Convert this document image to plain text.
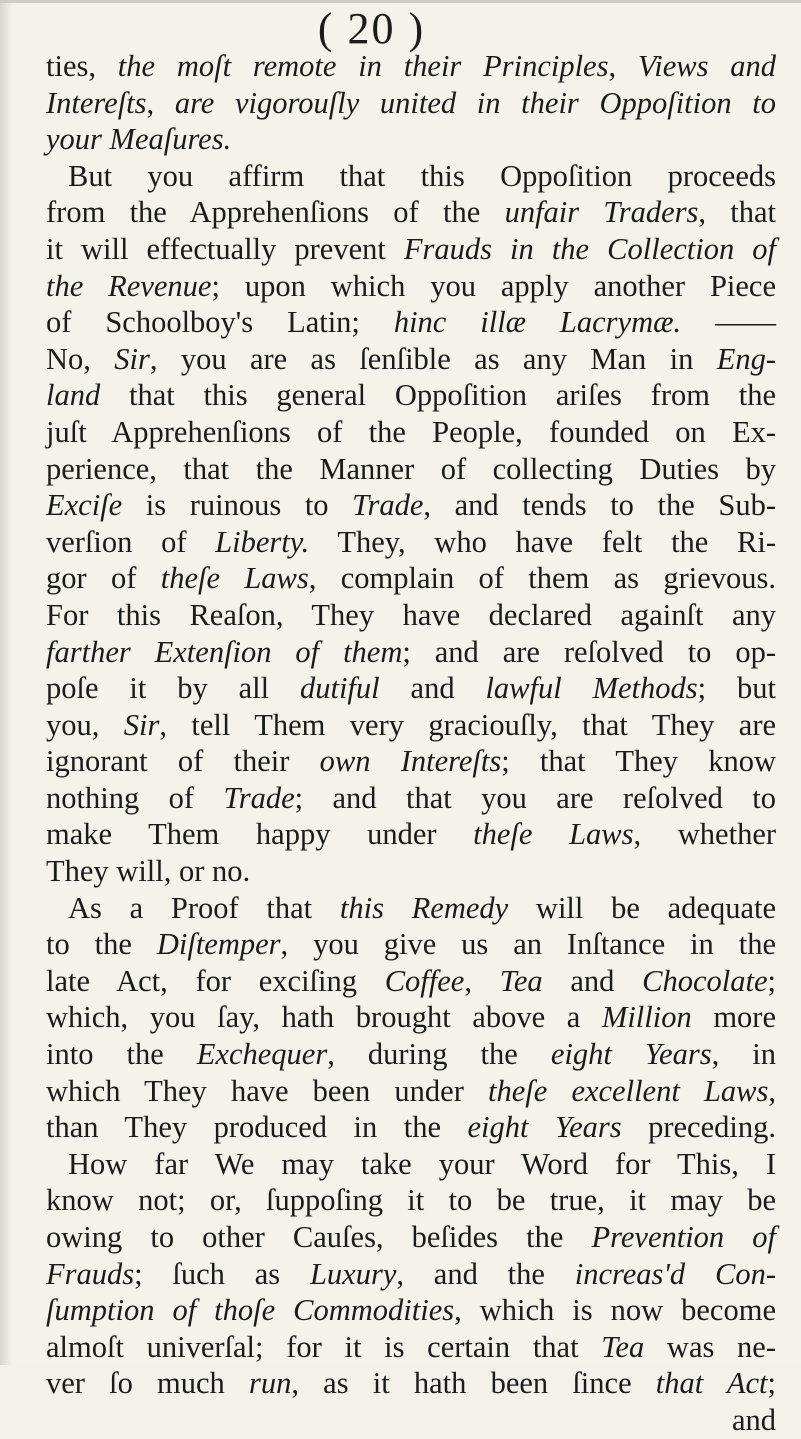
( 20 )
ties, the moſt remote in their Principles, Views and
Intereſts, are vigorouſly united in their Oppoſition to
your Meaſures.
But you affirm that this Oppoſition proceeds
from the Apprehenſions of the unfair Traders, that
it will effectually prevent Frauds in the Collection of
the Revenue; upon which you apply another Piece
of Schoolboy's Latin; hinc illæ Lacrymæ. ——
No, Sir, you are as ſenſible as any Man in Eng-
land that this general Oppoſition ariſes from the
juſt Apprehenſions of the People, founded on Ex-
perience, that the Manner of collecting Duties by
Exciſe is ruinous to Trade, and tends to the Sub-
verſion of Liberty. They, who have felt the Ri-
gor of theſe Laws, complain of them as grievous.
For this Reaſon, They have declared againſt any
farther Extenſion of them; and are reſolved to op-
poſe it by all dutiful and lawful Methods; but
you, Sir, tell Them very graciouſly, that They are
ignorant of their own Intereſts; that They know
nothing of Trade; and that you are reſolved to
make Them happy under theſe Laws, whether
They will, or no.
As a Proof that this Remedy will be adequate
to the Diſtemper, you give us an Inſtance in the
late Act, for exciſing Coffee, Tea and Chocolate;
which, you ſay, hath brought above a Million more
into the Exchequer, during the eight Years, in
which They have been under theſe excellent Laws,
than They produced in the eight Years preceding.
How far We may take your Word for This, I
know not; or, ſuppoſing it to be true, it may be
owing to other Cauſes, beſides the Prevention of
Frauds; ſuch as Luxury, and the increas'd Con-
ſumption of thoſe Commodities, which is now become
almoſt univerſal; for it is certain that Tea was ne-
ver ſo much run, as it hath been ſince that Act;
and
